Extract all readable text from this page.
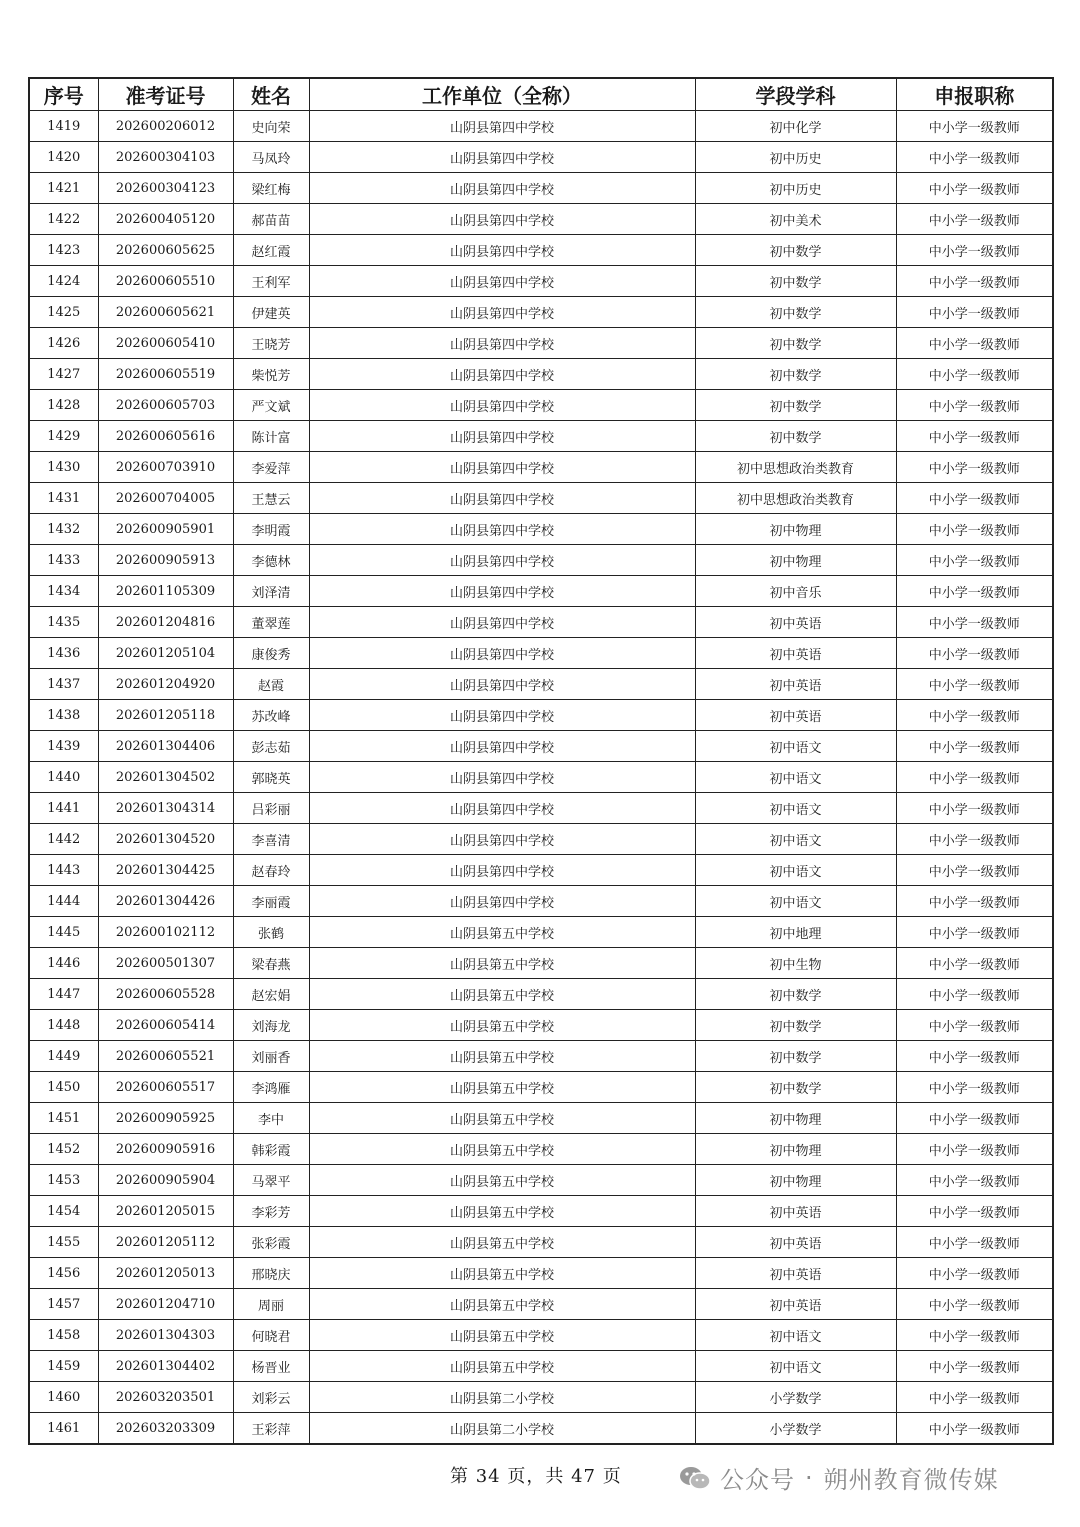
序号	准考证号	姓名	工作单位（全称）	学段学科	申报职称
1419	202600206012	史向荣	山阴县第四中学校	初中化学	中小学一级教师
1420	202600304103	马凤玲	山阴县第四中学校	初中历史	中小学一级教师
1421	202600304123	梁红梅	山阴县第四中学校	初中历史	中小学一级教师
1422	202600405120	郝苗苗	山阴县第四中学校	初中美术	中小学一级教师
1423	202600605625	赵红霞	山阴县第四中学校	初中数学	中小学一级教师
1424	202600605510	王利军	山阴县第四中学校	初中数学	中小学一级教师
1425	202600605621	伊建英	山阴县第四中学校	初中数学	中小学一级教师
1426	202600605410	王晓芳	山阴县第四中学校	初中数学	中小学一级教师
1427	202600605519	柴悦芳	山阴县第四中学校	初中数学	中小学一级教师
1428	202600605703	严文斌	山阴县第四中学校	初中数学	中小学一级教师
1429	202600605616	陈计富	山阴县第四中学校	初中数学	中小学一级教师
1430	202600703910	李爱萍	山阴县第四中学校	初中思想政治类教育	中小学一级教师
1431	202600704005	王慧云	山阴县第四中学校	初中思想政治类教育	中小学一级教师
1432	202600905901	李明霞	山阴县第四中学校	初中物理	中小学一级教师
1433	202600905913	李德林	山阴县第四中学校	初中物理	中小学一级教师
1434	202601105309	刘泽清	山阴县第四中学校	初中音乐	中小学一级教师
1435	202601204816	董翠莲	山阴县第四中学校	初中英语	中小学一级教师
1436	202601205104	康俊秀	山阴县第四中学校	初中英语	中小学一级教师
1437	202601204920	赵霞	山阴县第四中学校	初中英语	中小学一级教师
1438	202601205118	苏改峰	山阴县第四中学校	初中英语	中小学一级教师
1439	202601304406	彭志茹	山阴县第四中学校	初中语文	中小学一级教师
1440	202601304502	郭晓英	山阴县第四中学校	初中语文	中小学一级教师
1441	202601304314	吕彩丽	山阴县第四中学校	初中语文	中小学一级教师
1442	202601304520	李喜清	山阴县第四中学校	初中语文	中小学一级教师
1443	202601304425	赵春玲	山阴县第四中学校	初中语文	中小学一级教师
1444	202601304426	李丽霞	山阴县第四中学校	初中语文	中小学一级教师
1445	202600102112	张鹤	山阴县第五中学校	初中地理	中小学一级教师
1446	202600501307	梁春燕	山阴县第五中学校	初中生物	中小学一级教师
1447	202600605528	赵宏娟	山阴县第五中学校	初中数学	中小学一级教师
1448	202600605414	刘海龙	山阴县第五中学校	初中数学	中小学一级教师
1449	202600605521	刘丽香	山阴县第五中学校	初中数学	中小学一级教师
1450	202600605517	李鸿雁	山阴县第五中学校	初中数学	中小学一级教师
1451	202600905925	李中	山阴县第五中学校	初中物理	中小学一级教师
1452	202600905916	韩彩霞	山阴县第五中学校	初中物理	中小学一级教师
1453	202600905904	马翠平	山阴县第五中学校	初中物理	中小学一级教师
1454	202601205015	李彩芳	山阴县第五中学校	初中英语	中小学一级教师
1455	202601205112	张彩霞	山阴县第五中学校	初中英语	中小学一级教师
1456	202601205013	邢晓庆	山阴县第五中学校	初中英语	中小学一级教师
1457	202601204710	周丽	山阴县第五中学校	初中英语	中小学一级教师
1458	202601304303	何晓君	山阴县第五中学校	初中语文	中小学一级教师
1459	202601304402	杨晋业	山阴县第五中学校	初中语文	中小学一级教师
1460	202603203501	刘彩云	山阴县第二小学校	小学数学	中小学一级教师
1461	202603203309	王彩萍	山阴县第二小学校	小学数学	中小学一级教师
第 34 页，共 47 页	公众号 · 朔州教育微传媒
